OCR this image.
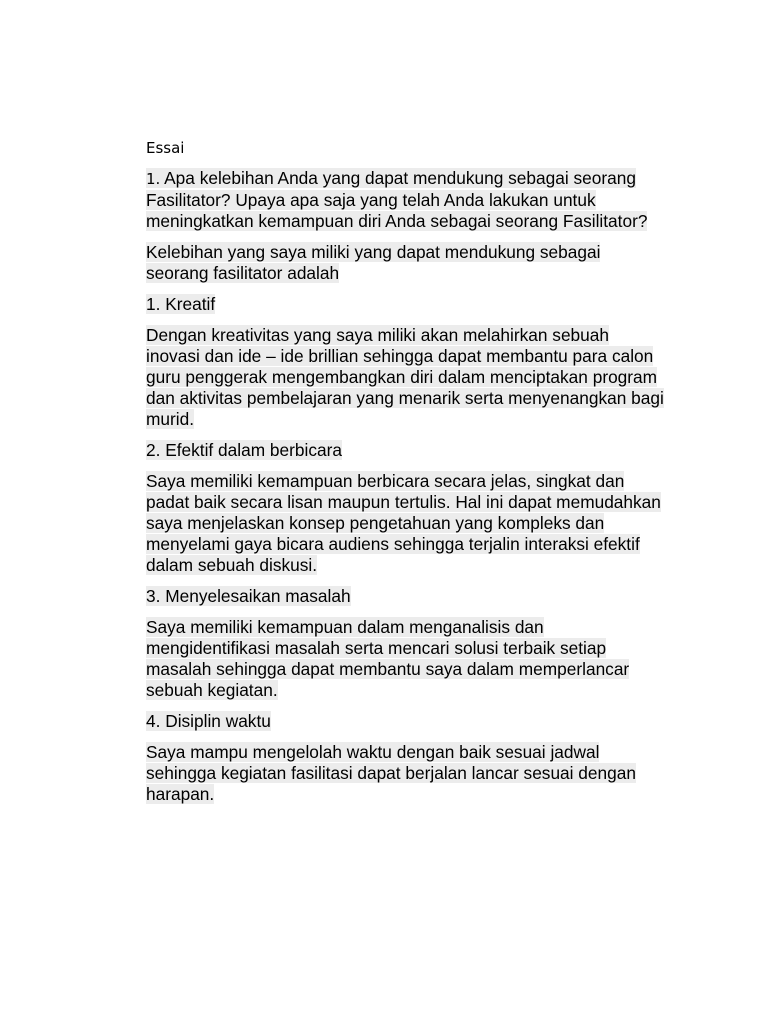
Essai

1. Apa kelebihan Anda yang dapat mendukung sebagai seorang Fasilitator? Upaya apa saja yang telah Anda lakukan untuk meningkatkan kemampuan diri Anda sebagai seorang Fasilitator?

Kelebihan yang saya miliki yang dapat mendukung sebagai seorang fasilitator adalah

1. Kreatif

Dengan kreativitas yang saya miliki akan melahirkan sebuah inovasi dan ide – ide brillian sehingga dapat membantu para calon guru penggerak mengembangkan diri dalam menciptakan program dan aktivitas pembelajaran yang menarik serta menyenangkan bagi murid.

2. Efektif dalam berbicara

Saya memiliki kemampuan berbicara secara jelas, singkat dan padat baik secara lisan maupun tertulis. Hal ini dapat memudahkan saya menjelaskan konsep pengetahuan yang kompleks dan menyelami gaya bicara audiens sehingga terjalin interaksi efektif dalam sebuah diskusi.

3. Menyelesaikan masalah

Saya memiliki kemampuan dalam menganalisis dan mengidentifikasi masalah serta mencari solusi terbaik setiap masalah sehingga dapat membantu saya dalam memperlancar sebuah kegiatan.

4. Disiplin waktu

Saya mampu mengelolah waktu dengan baik sesuai jadwal sehingga kegiatan fasilitasi dapat berjalan lancar sesuai dengan harapan.
